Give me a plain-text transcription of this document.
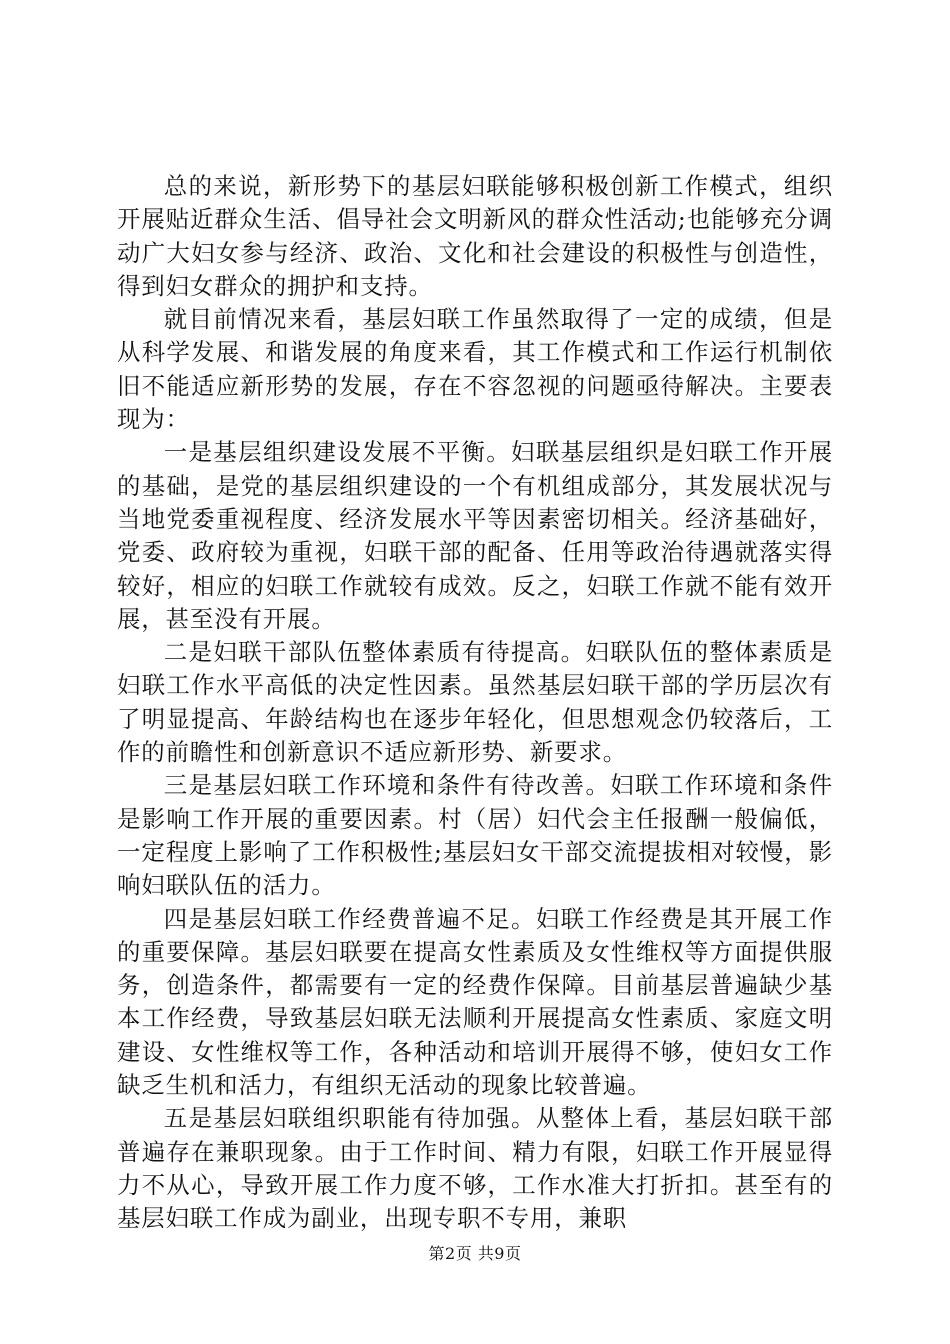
总的来说，新形势下的基层妇联能够积极创新工作模式，组织开展贴近群众生活、倡导社会文明新风的群众性活动;也能够充分调动广大妇女参与经济、政治、文化和社会建设的积极性与创造性，得到妇女群众的拥护和支持。

就目前情况来看，基层妇联工作虽然取得了一定的成绩，但是从科学发展、和谐发展的角度来看，其工作模式和工作运行机制依旧不能适应新形势的发展，存在不容忽视的问题亟待解决。主要表现为：

一是基层组织建设发展不平衡。妇联基层组织是妇联工作开展的基础，是党的基层组织建设的一个有机组成部分，其发展状况与当地党委重视程度、经济发展水平等因素密切相关。经济基础好，党委、政府较为重视，妇联干部的配备、任用等政治待遇就落实得较好，相应的妇联工作就较有成效。反之，妇联工作就不能有效开展，甚至没有开展。

二是妇联干部队伍整体素质有待提高。妇联队伍的整体素质是妇联工作水平高低的决定性因素。虽然基层妇联干部的学历层次有了明显提高、年龄结构也在逐步年轻化，但思想观念仍较落后，工作的前瞻性和创新意识不适应新形势、新要求。

三是基层妇联工作环境和条件有待改善。妇联工作环境和条件是影响工作开展的重要因素。村（居）妇代会主任报酬一般偏低，一定程度上影响了工作积极性;基层妇女干部交流提拔相对较慢，影响妇联队伍的活力。

四是基层妇联工作经费普遍不足。妇联工作经费是其开展工作的重要保障。基层妇联要在提高女性素质及女性维权等方面提供服务，创造条件，都需要有一定的经费作保障。目前基层普遍缺少基本工作经费，导致基层妇联无法顺利开展提高女性素质、家庭文明建设、女性维权等工作，各种活动和培训开展得不够，使妇女工作缺乏生机和活力，有组织无活动的现象比较普遍。

五是基层妇联组织职能有待加强。从整体上看，基层妇联干部普遍存在兼职现象。由于工作时间、精力有限，妇联工作开展显得力不从心，导致开展工作力度不够，工作水准大打折扣。甚至有的基层妇联工作成为副业，出现专职不专用，兼职

第2页 共9页
